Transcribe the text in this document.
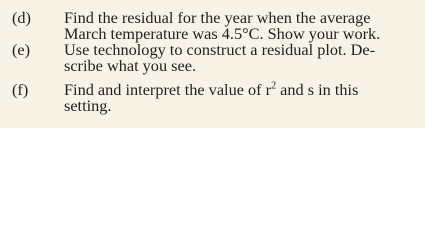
(d)	Find the residual for the year when the average
March temperature was 4.5°C. Show your work.
(e)	Use technology to construct a residual plot. De-
scribe what you see.
(f)	Find and interpret the value of $r^2$ and s in this
setting.
